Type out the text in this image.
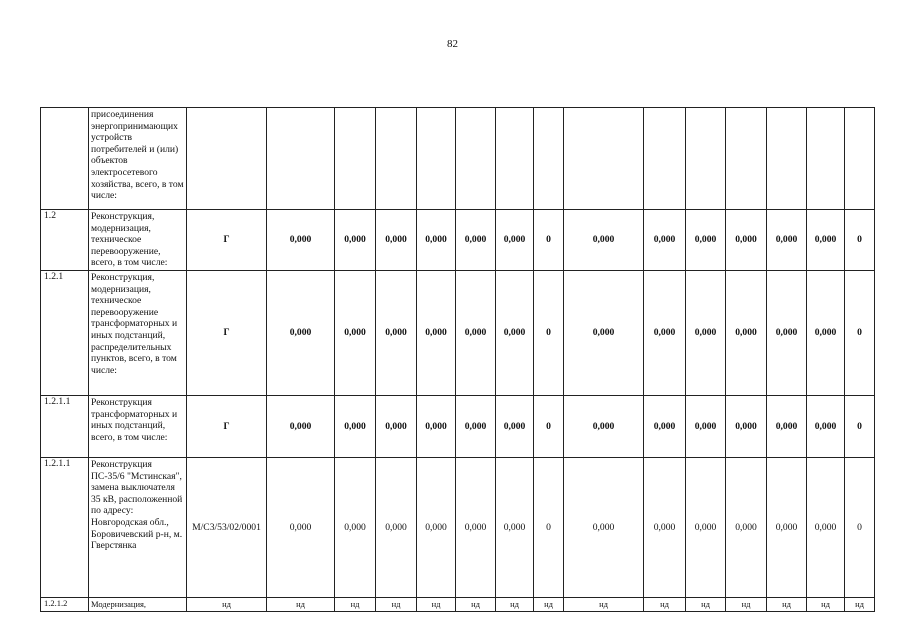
82
	присоединения энергопринимающих устройств потребителей и (или) объектов электросетевого хозяйства, всего, в том числе:																
1.2	Реконструкция, модернизация, техническое перевооружение, всего, в том числе:	Г	0,000	0,000	0,000	0,000	0,000	0,000	0	0,000	0,000	0,000	0,000	0,000	0,000	0	
1.2.1	Реконструкция, модернизация, техническое перевооружение трансформаторных и иных подстанций, распределительных пунктов, всего, в том числе:	Г	0,000	0,000	0,000	0,000	0,000	0,000	0	0,000	0,000	0,000	0,000	0,000	0,000	0	
1.2.1.1	Реконструкция трансформаторных и иных подстанций, всего, в том числе:	Г	0,000	0,000	0,000	0,000	0,000	0,000	0	0,000	0,000	0,000	0,000	0,000	0,000	0	
1.2.1.1	Реконструкция ПС-35/6 "Мстинская", замена выключателя 35 кВ, расположенной по адресу: Новгородская обл., Боровичевский р-н, м. Гверстянка	M/C3/53/02/0001	0,000	0,000	0,000	0,000	0,000	0,000	0	0,000	0,000	0,000	0,000	0,000	0,000	0	
1.2.1.2	Модернизация,	нд	нд	нд	нд	нд	нд	нд	нд	нд	нд	нд	нд	нд	нд	нд	
